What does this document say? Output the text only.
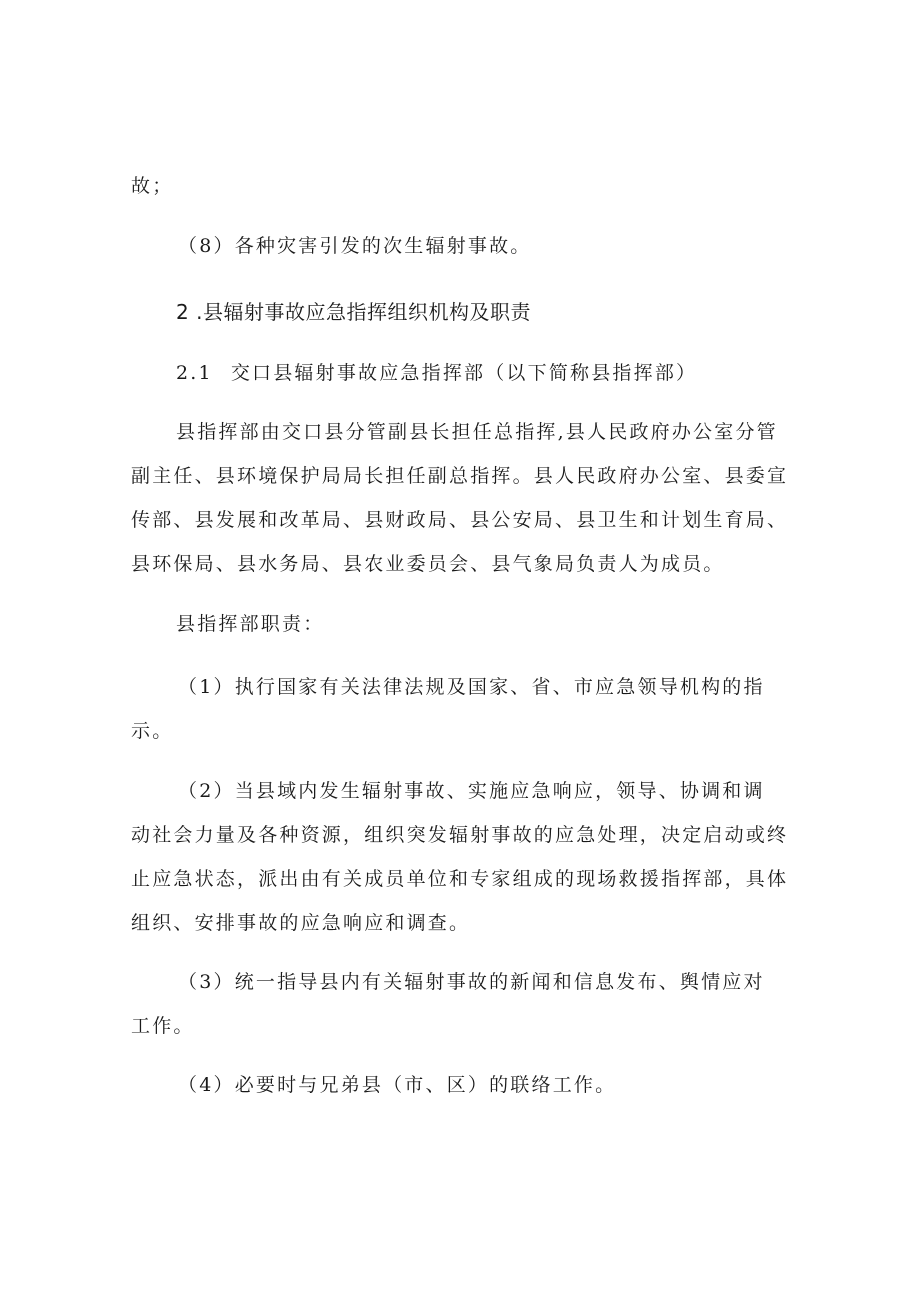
故；

（8）各种灾害引发的次生辐射事故。

2 .县辐射事故应急指挥组织机构及职责

2.1 交口县辐射事故应急指挥部（以下简称县指挥部）

县指挥部由交口县分管副县长担任总指挥,县人民政府办公室分管

副主任、县环境保护局局长担任副总指挥。县人民政府办公室、县委宣

传部、县发展和改革局、县财政局、县公安局、县卫生和计划生育局、

县环保局、县水务局、县农业委员会、县气象局负责人为成员。

县指挥部职责：

（1）执行国家有关法律法规及国家、省、市应急领导机构的指

示。

（2）当县域内发生辐射事故、实施应急响应，领导、协调和调

动社会力量及各种资源，组织突发辐射事故的应急处理，决定启动或终

止应急状态，派出由有关成员单位和专家组成的现场救援指挥部，具体

组织、安排事故的应急响应和调查。

（3）统一指导县内有关辐射事故的新闻和信息发布、舆情应对

工作。

（4）必要时与兄弟县（市、区）的联络工作。
